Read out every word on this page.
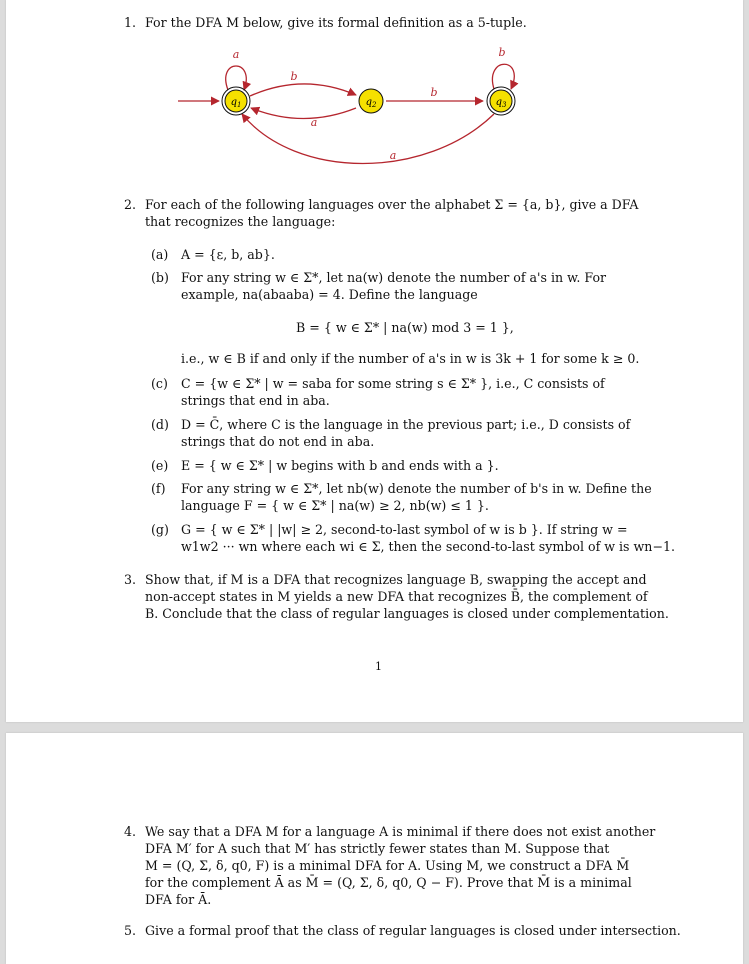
1. For the DFA M below, give its formal definition as a 5-tuple.
a
b
a
b
b
a
$q_1$	$q_2$	$q_3$
2. For each of the following languages over the alphabet Σ = {a, b}, give a DFA
that recognizes the language:
(a) A = {ε, b, ab}.
(b) For any string w ∈ Σ*, let na(w) denote the number of a's in w. For
example, na(abaaba) = 4. Define the language
B = { w ∈ Σ* | na(w) mod 3 = 1 },
i.e., w ∈ B if and only if the number of a's in w is 3k + 1 for some k ≥ 0.
(c) C = {w ∈ Σ* | w = saba for some string s ∈ Σ* }, i.e., C consists of
strings that end in aba.
(d) D = C̄, where C is the language in the previous part; i.e., D consists of
strings that do not end in aba.
(e) E = { w ∈ Σ* | w begins with b and ends with a }.
(f) For any string w ∈ Σ*, let nb(w) denote the number of b's in w. Define the
language F = { w ∈ Σ* | na(w) ≥ 2, nb(w) ≤ 1 }.
(g) G = { w ∈ Σ* | |w| ≥ 2, second-to-last symbol of w is b }. If string w =
w1w2 ··· wn where each wi ∈ Σ, then the second-to-last symbol of w is wn−1.
3. Show that, if M is a DFA that recognizes language B, swapping the accept and
non-accept states in M yields a new DFA that recognizes B̄, the complement of
B. Conclude that the class of regular languages is closed under complementation.
1
4. We say that a DFA M for a language A is minimal if there does not exist another
DFA M′ for A such that M′ has strictly fewer states than M. Suppose that
M = (Q, Σ, δ, q0, F) is a minimal DFA for A. Using M, we construct a DFA M̄
for the complement Ā as M̄ = (Q, Σ, δ, q0, Q − F). Prove that M̄ is a minimal
DFA for Ā.
5. Give a formal proof that the class of regular languages is closed under intersection.
